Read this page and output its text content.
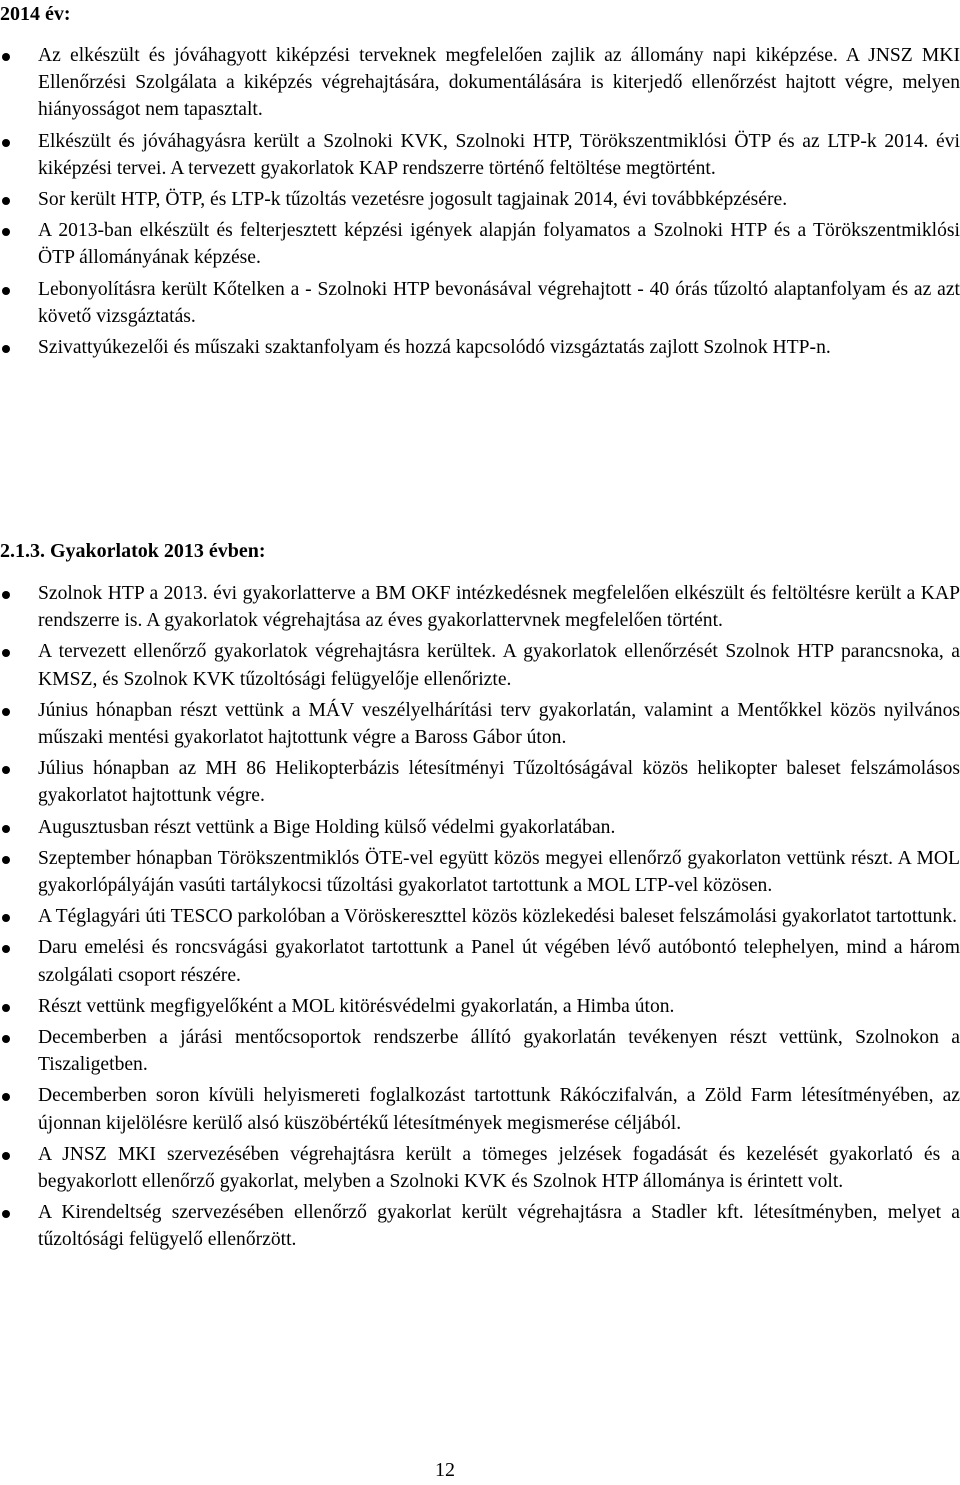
2014 év:
Az elkészült és jóváhagyott kiképzési terveknek megfelelően zajlik az állomány napi kiképzése. A JNSZ MKI Ellenőrzési Szolgálata a kiképzés végrehajtására, dokumentálására is kiterjedő ellenőrzést hajtott végre, melyen hiányosságot nem tapasztalt.
Elkészült és jóváhagyásra került a Szolnoki KVK, Szolnoki HTP, Törökszentmiklósi ÖTP és az LTP-k 2014. évi kiképzési tervei. A tervezett gyakorlatok KAP rendszerre történő feltöltése megtörtént.
Sor került HTP, ÖTP, és LTP-k tűzoltás vezetésre jogosult tagjainak 2014, évi továbbképzésére.
A 2013-ban elkészült és felterjesztett képzési igények alapján folyamatos a Szolnoki HTP és a Törökszentmiklósi ÖTP állományának képzése.
Lebonyolításra került Kőtelken a - Szolnoki HTP bevonásával végrehajtott - 40 órás tűzoltó alaptanfolyam és az azt követő vizsgáztatás.
Szivattyúkezelői és műszaki szaktanfolyam és hozzá kapcsolódó vizsgáztatás zajlott Szolnok HTP-n.
2.1.3. Gyakorlatok 2013 évben:
Szolnok HTP a 2013. évi gyakorlatterve a BM OKF intézkedésnek megfelelően elkészült és feltöltésre került a KAP rendszerre is. A gyakorlatok végrehajtása az éves gyakorlattervnek megfelelően történt.
A tervezett ellenőrző gyakorlatok végrehajtásra kerültek. A gyakorlatok ellenőrzését Szolnok HTP parancsnoka, a KMSZ, és Szolnok KVK tűzoltósági felügyelője ellenőrizte.
Június hónapban részt vettünk a MÁV veszélyelhárítási terv gyakorlatán, valamint a Mentőkkel közös nyilvános műszaki mentési gyakorlatot hajtottunk végre a Baross Gábor úton.
Július hónapban az MH 86 Helikopterbázis létesítményi Tűzoltóságával közös helikopter baleset felszámolásos gyakorlatot hajtottunk végre.
Augusztusban részt vettünk a Bige Holding külső védelmi gyakorlatában.
Szeptember hónapban Törökszentmiklós ÖTE-vel együtt közös megyei ellenőrző gyakorlaton vettünk részt. A MOL gyakorlópályáján vasúti tartálykocsi tűzoltási gyakorlatot tartottunk a MOL LTP-vel közösen.
A Téglagyári úti TESCO parkolóban a Vöröskereszttel közös közlekedési baleset felszámolási gyakorlatot tartottunk.
Daru emelési és roncsvágási gyakorlatot tartottunk a Panel út végében lévő autóbontó telephelyen, mind a három szolgálati csoport részére.
Részt vettünk megfigyelőként a MOL kitörésvédelmi gyakorlatán, a Himba úton.
Decemberben a járási mentőcsoportok rendszerbe állító gyakorlatán tevékenyen részt vettünk, Szolnokon a Tiszaligetben.
Decemberben soron kívüli helyismereti foglalkozást tartottunk Rákóczifalván, a Zöld Farm létesítményében, az újonnan kijelölésre kerülő alsó küszöbértékű létesítmények megismerése céljából.
A JNSZ MKI szervezésében végrehajtásra került a tömeges jelzések fogadását és kezelését gyakorlató és a begyakorlott ellenőrző gyakorlat, melyben a Szolnoki KVK és Szolnok HTP állománya is érintett volt.
A Kirendeltség szervezésében ellenőrző gyakorlat került végrehajtásra a Stadler kft. létesítményben, melyet a tűzoltósági felügyelő ellenőrzött.
12
